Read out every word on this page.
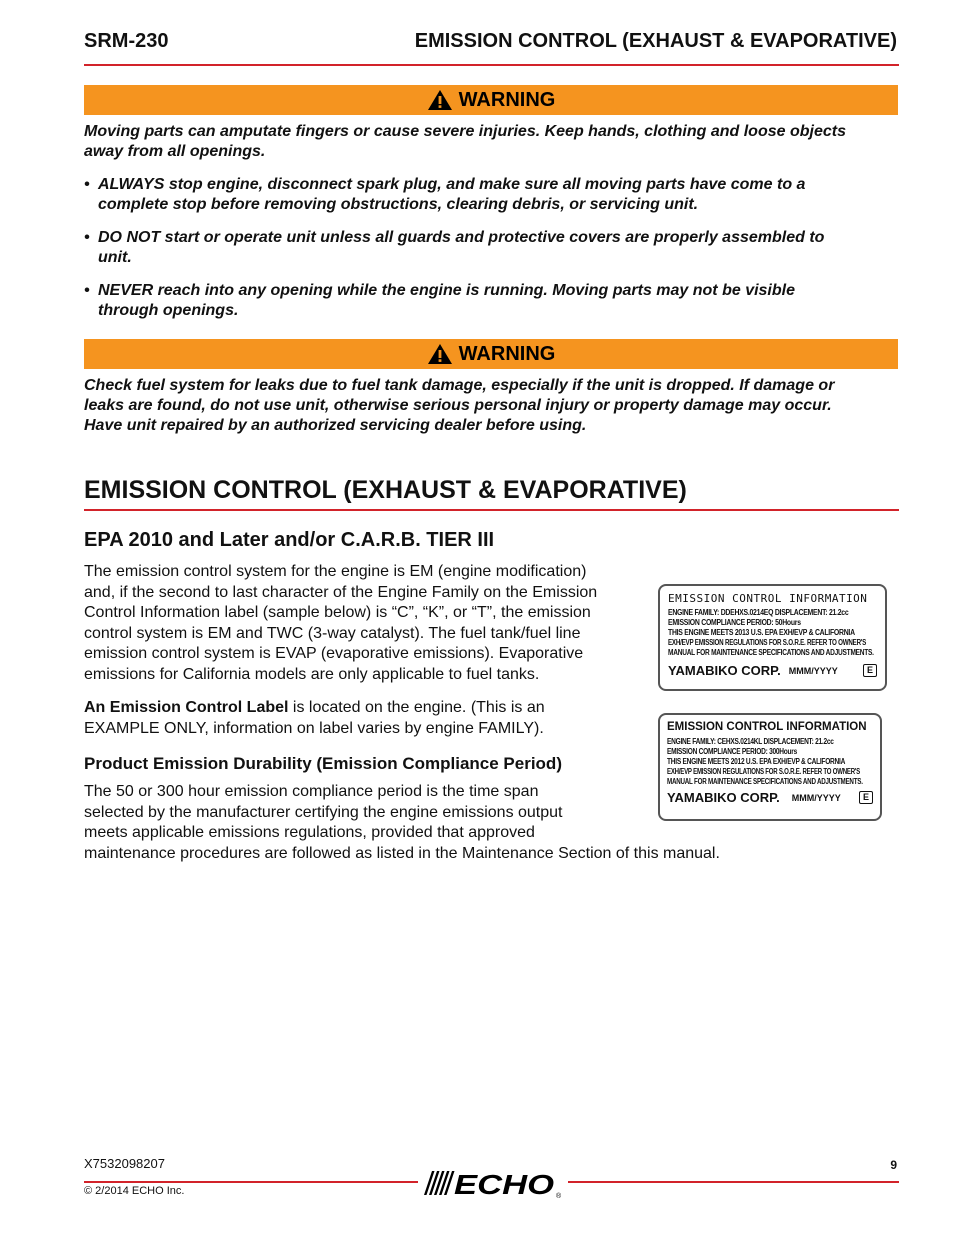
SRM-230	EMISSION CONTROL (EXHAUST & EVAPORATIVE)
WARNING
Moving parts can amputate fingers or cause severe injuries. Keep hands, clothing and loose objects
away from all openings.
• ALWAYS stop engine, disconnect spark plug, and make sure all moving parts have come to a
complete stop before removing obstructions, clearing debris, or servicing unit.
• DO NOT start or operate unit unless all guards and protective covers are properly assembled to
unit.
• NEVER reach into any opening while the engine is running. Moving parts may not be visible
through openings.
WARNING
Check fuel system for leaks due to fuel tank damage, especially if the unit is dropped. If damage or
leaks are found, do not use unit, otherwise serious personal injury or property damage may occur.
Have unit repaired by an authorized servicing dealer before using.
EMISSION CONTROL (EXHAUST & EVAPORATIVE)
EPA 2010 and Later and/or C.A.R.B. TIER III
The emission control system for the engine is EM (engine modification)
and, if the second to last character of the Engine Family on the Emission
Control Information label (sample below) is “C”, “K”, or “T”, the emission
control system is EM and TWC (3-way catalyst). The fuel tank/fuel line
emission control system is EVAP (evaporative emissions). Evaporative
emissions for California models are only applicable to fuel tanks.
An Emission Control Label is located on the engine. (This is an
EXAMPLE ONLY, information on label varies by engine FAMILY).
Product Emission Durability (Emission Compliance Period)
The 50 or 300 hour emission compliance period is the time span
selected by the manufacturer certifying the engine emissions output
meets applicable emissions regulations, provided that approved
maintenance procedures are followed as listed in the Maintenance Section of this manual.
EMISSION CONTROL INFORMATION
ENGINE FAMILY: DDEHXS.0214EQ DISPLACEMENT: 21.2cc
EMISSION COMPLIANCE PERIOD: 50Hours
THIS ENGINE MEETS 2013 U.S. EPA EXH/EVP & CALIFORNIA
EXH/EVP EMISSION REGULATIONS FOR S.O.R.E. REFER TO OWNER'S
MANUAL FOR MAINTENANCE SPECIFICATIONS AND ADJUSTMENTS.
YAMABIKO CORP. MMM/YYYY	E
EMISSION CONTROL INFORMATION
ENGINE FAMILY: CEHXS.0214KL DISPLACEMENT: 21.2cc
EMISSION COMPLIANCE PERIOD: 300Hours
THIS ENGINE MEETS 2012 U.S. EPA EXH/EVP & CALIFORNIA
EXH/EVP EMISSION REGULATIONS FOR S.O.R.E. REFER TO OWNER'S
MANUAL FOR MAINTENANCE SPECIFICATIONS AND ADJUSTMENTS.
YAMABIKO CORP. MMM/YYYY	E
X7532098207
© 2/2014 ECHO Inc.
9
ECHO ®
